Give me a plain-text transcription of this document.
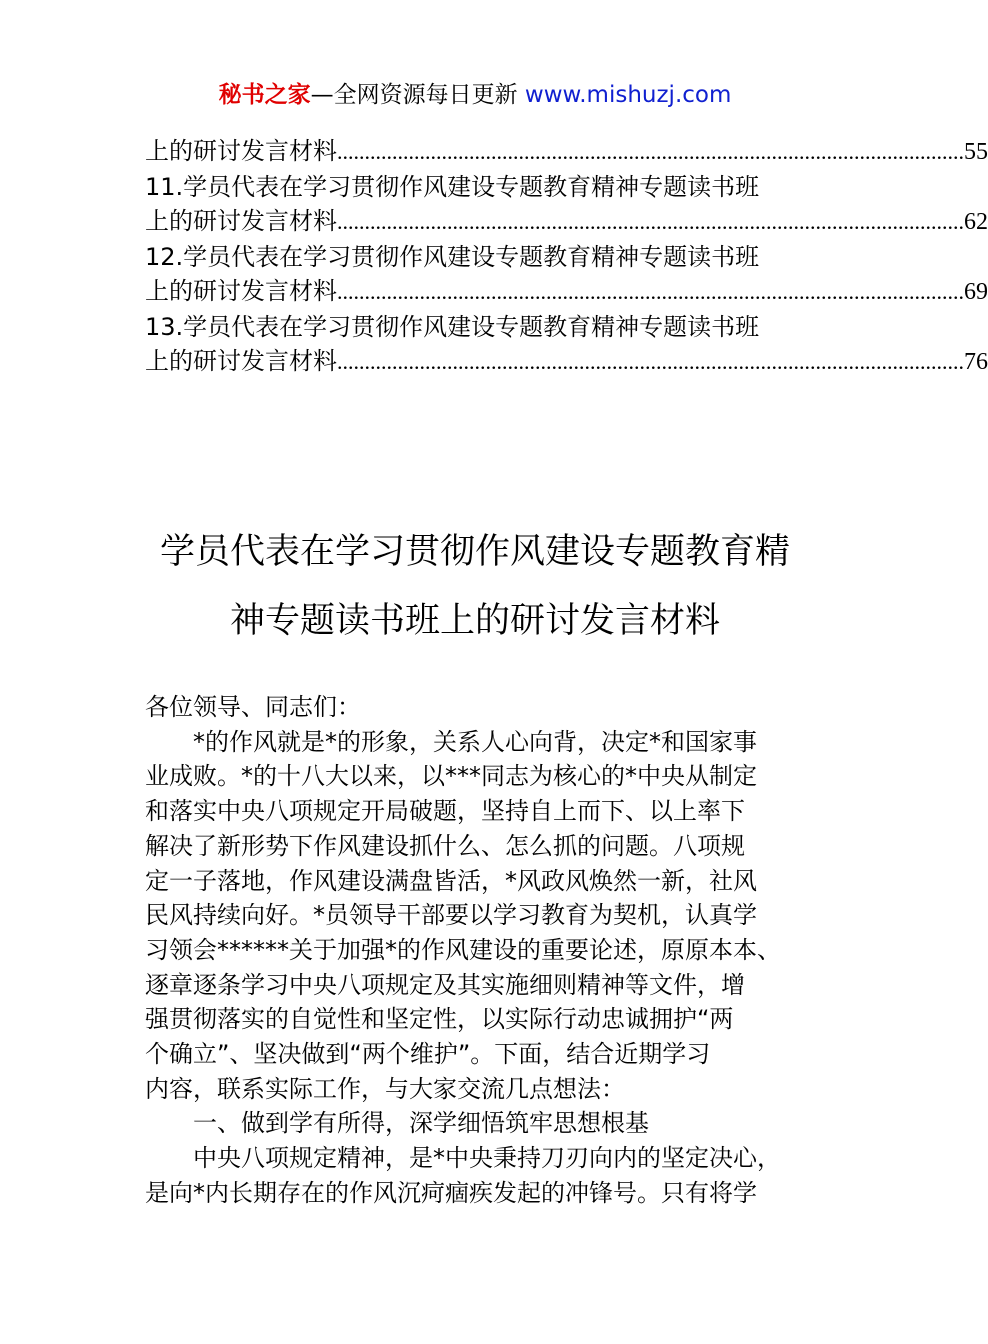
秘书之家—全网资源每日更新 www.mishuzj.com
上的研讨发言材料 .................................................................................................................. 55
11.学员代表在学习贯彻作风建设专题教育精神专题读书班
上的研讨发言材料 .................................................................................................................. 62
12.学员代表在学习贯彻作风建设专题教育精神专题读书班
上的研讨发言材料 .................................................................................................................. 69
13.学员代表在学习贯彻作风建设专题教育精神专题读书班
上的研讨发言材料 .................................................................................................................. 76
学员代表在学习贯彻作风建设专题教育精
神专题读书班上的研讨发言材料

各位领导、同志们：

*的作风就是*的形象，关系人心向背，决定*和国家事

业成败。*的十八大以来，以***同志为核心的*中央从制定

和落实中央八项规定开局破题，坚持自上而下、以上率下

解决了新形势下作风建设抓什么、怎么抓的问题。八项规

定一子落地，作风建设满盘皆活，*风政风焕然一新，社风

民风持续向好。*员领导干部要以学习教育为契机，认真学

习领会******关于加强*的作风建设的重要论述，原原本本、

逐章逐条学习中央八项规定及其实施细则精神等文件，增

强贯彻落实的自觉性和坚定性，以实际行动忠诚拥护“两

个确立”、坚决做到“两个维护”。下面，结合近期学习

内容，联系实际工作，与大家交流几点想法：

一、做到学有所得，深学细悟筑牢思想根基

中央八项规定精神，是*中央秉持刀刃向内的坚定决心，

是向*内长期存在的作风沉疴痼疾发起的冲锋号。只有将学
